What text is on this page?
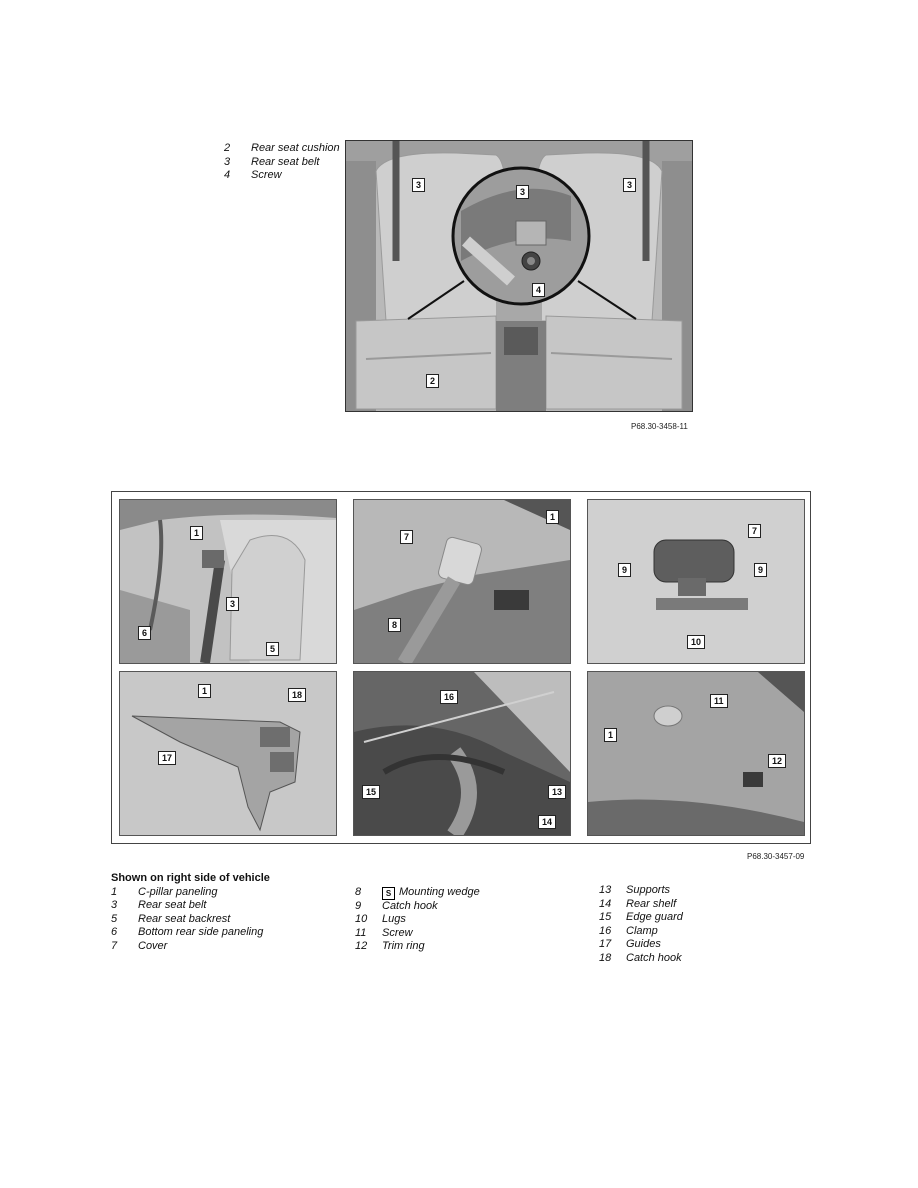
2	Rear seat cushion
3	Rear seat belt
4	Screw
3
3
3
4
2
P68.30-3458-11
1
3
6
5
7
1
8
7
9	9
10
1	18
17
16
15	13
14
11
1
12
P68.30-3457-09
Shown on right side of vehicle
1	C-pillar paneling
3	Rear seat belt
5	Rear seat backrest
6	Bottom rear side paneling
7	Cover
8	S Mounting wedge
9	Catch hook
10	Lugs
11	Screw
12	Trim ring
13	Supports
14	Rear shelf
15	Edge guard
16	Clamp
17	Guides
18	Catch hook
